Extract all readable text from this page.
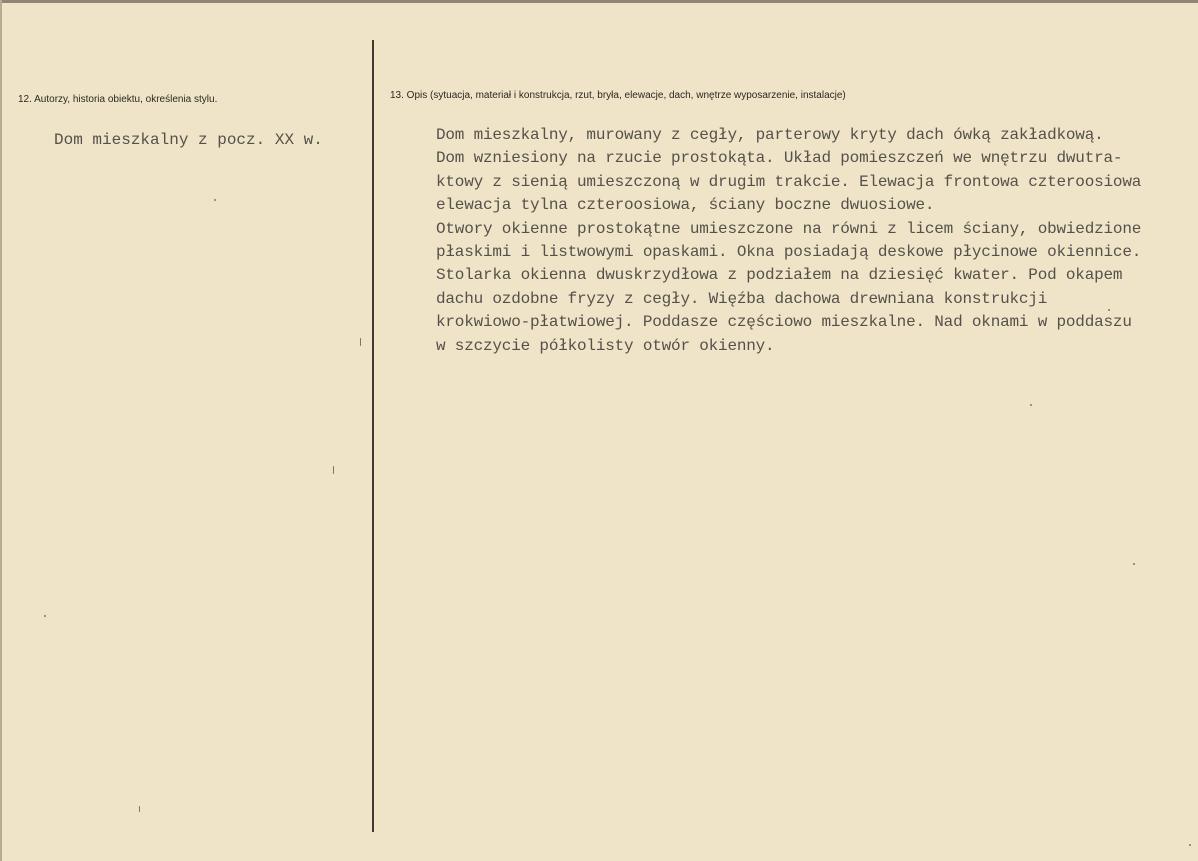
12. Autorzy, historia obiektu, określenia stylu.
Dom mieszkalny z pocz. XX w.
13. Opis (sytuacja, materiał i konstrukcja, rzut, bryła, elewacje, dach, wnętrze wyposarzenie, instalacje)
Dom mieszkalny, murowany z cegły, parterowy kryty dach ówką zakładkową.
Dom wzniesiony na rzucie prostokąta. Układ pomieszczeń we wnętrzu dwutra-
ktowy z sienią umieszczoną w drugim trakcie. Elewacja frontowa czteroosiowa
elewacja tylna czteroosiowa, ściany boczne dwuosiowe.
Otwory okienne prostokątne umieszczone na równi z licem ściany, obwiedzione
płaskimi i listwowymi opaskami. Okna posiadają deskowe płycinowe okiennice.
Stolarka okienna dwuskrzydłowa z podziałem na dziesięć kwater. Pod okapem
dachu ozdobne fryzy z cegły. Więźba dachowa drewniana konstrukcji
krokwiowo-płatwiowej. Poddasze częściowo mieszkalne. Nad oknami w poddaszu
w szczycie półkolisty otwór okienny.
